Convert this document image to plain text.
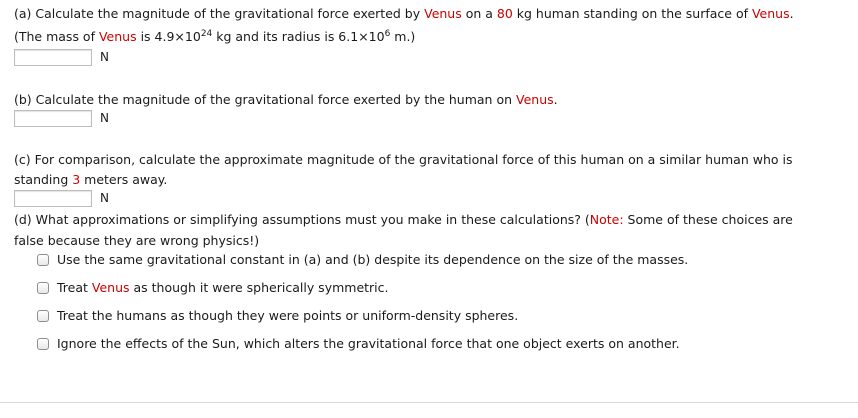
(a) Calculate the magnitude of the gravitational force exerted by Venus on a 80 kg human standing on the surface of Venus.
(The mass of Venus is $4.9\times 10^{24}$ kg and its radius is $6.1\times 10^6$ m.)
N
(b) Calculate the magnitude of the gravitational force exerted by the human on Venus.
N
(c) For comparison, calculate the approximate magnitude of the gravitational force of this human on a similar human who is
standing 3 meters away.
N
(d) What approximations or simplifying assumptions must you make in these calculations? (Note: Some of these choices are
false because they are wrong physics!)
Use the same gravitational constant in (a) and (b) despite its dependence on the size of the masses.
Treat Venus as though it were spherically symmetric.
Treat the humans as though they were points or uniform-density spheres.
Ignore the effects of the Sun, which alters the gravitational force that one object exerts on another.
